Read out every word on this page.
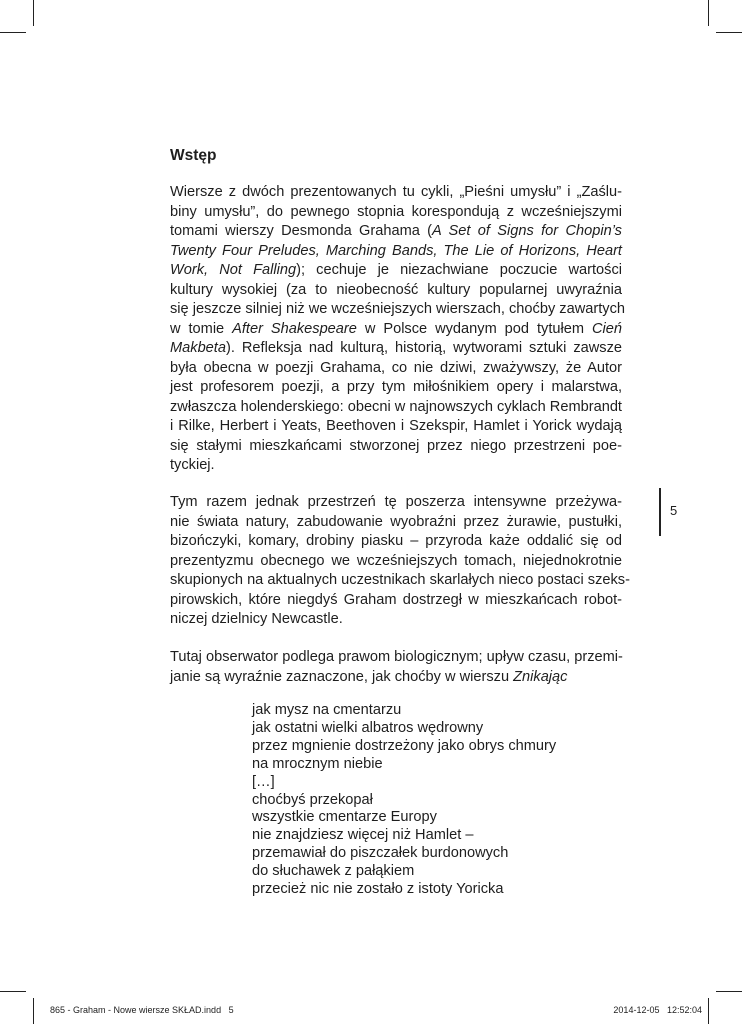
Wstęp
Wiersze z dwóch prezentowanych tu cykli, „Pieśni umysłu” i „Zaślu-
biny umysłu”, do pewnego stopnia korespondują z wcześniejszymi
tomami wierszy Desmonda Grahama (A Set of Signs for Chopin’s
Twenty Four Preludes, Marching Bands, The Lie of Horizons, Heart
Work, Not Falling); cechuje je niezachwiane poczucie wartości
kultury wysokiej (za to nieobecność kultury popularnej uwyraźnia
się jeszcze silniej niż we wcześniejszych wierszach, choćby zawartych
w tomie After Shakespeare w Polsce wydanym pod tytułem Cień
Makbeta). Refleksja nad kulturą, historią, wytworami sztuki zawsze
była obecna w poezji Grahama, co nie dziwi, zważywszy, że Autor
jest profesorem poezji, a przy tym miłośnikiem opery i malarstwa,
zwłaszcza holenderskiego: obecni w najnowszych cyklach Rembrandt
i Rilke, Herbert i Yeats, Beethoven i Szekspir, Hamlet i Yorick wydają
się stałymi mieszkańcami stworzonej przez niego przestrzeni poe-
tyckiej.
Tym razem jednak przestrzeń tę poszerza intensywne przeżywa-
nie świata natury, zabudowanie wyobraźni przez żurawie, pustułki,
bizończyki, komary, drobiny piasku – przyroda każe oddalić się od
prezentyzmu obecnego we wcześniejszych tomach, niejednokrotnie
skupionych na aktualnych uczestnikach skarlałych nieco postaci szeks-
pirowskich, które niegdyś Graham dostrzegł w mieszkańcach robot-
niczej dzielnicy Newcastle.
Tutaj obserwator podlega prawom biologicznym; upływ czasu, przemi-
janie są wyraźnie zaznaczone, jak choćby w wierszu Znikając
jak mysz na cmentarzu
jak ostatni wielki albatros wędrowny
przez mgnienie dostrzeżony jako obrys chmury
na mrocznym niebie
[…]
choćbyś przekopał
wszystkie cmentarze Europy
nie znajdziesz więcej niż Hamlet –
przemawiał do piszczałek burdonowych
do słuchawek z pałąkiem
przecież nic nie zostało z istoty Yoricka
5
865 - Graham - Nowe wiersze SKŁAD.indd   5	2014-12-05   12:52:04
